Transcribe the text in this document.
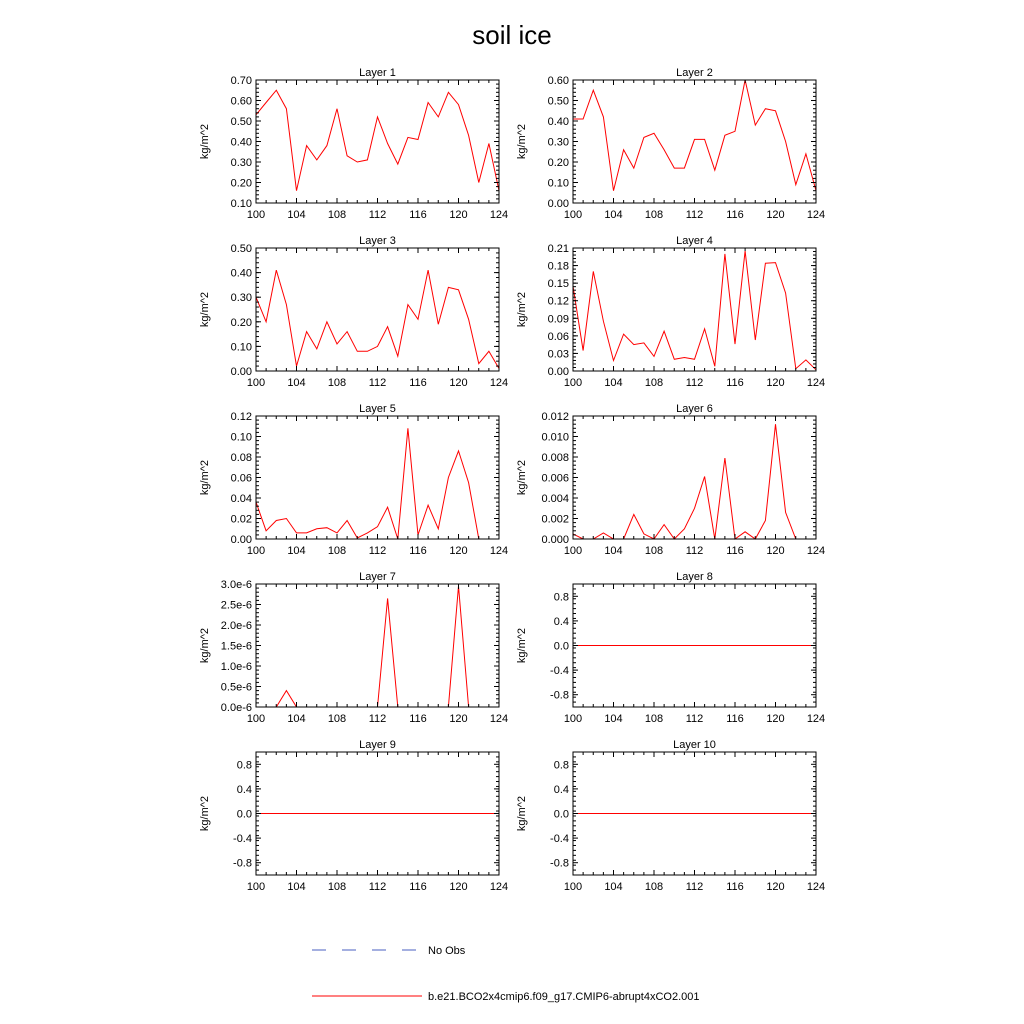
soil ice
Layer 1
kg/m^2
100 104 108 112 116 120 124
0.10
0.20
0.30
0.40
0.50
0.60
0.70
Layer 2
kg/m^2
100 104 108 112 116 120 124
0.00
0.10
0.20
0.30
0.40
0.50
0.60
Layer 3
kg/m^2
100 104 108 112 116 120 124
0.00
0.10
0.20
0.30
0.40
0.50
Layer 4
kg/m^2
100 104 108 112 116 120 124
0.00
0.03
0.06
0.09
0.12
0.15
0.18
0.21
Layer 5
kg/m^2
100 104 108 112 116 120 124
0.00
0.02
0.04
0.06
0.08
0.10
0.12
Layer 6
kg/m^2
100 104 108 112 116 120 124
0.000
0.002
0.004
0.006
0.008
0.010
0.012
Layer 7
kg/m^2
100 104 108 112 116 120 124
0.0e-6
0.5e-6
1.0e-6
1.5e-6
2.0e-6
2.5e-6
3.0e-6
Layer 8
kg/m^2
100 104 108 112 116 120 124
-0.8
-0.4
0.0
0.4
0.8
Layer 9
kg/m^2
100 104 108 112 116 120 124
-0.8
-0.4
0.0
0.4
0.8
Layer 10
kg/m^2
100 104 108 112 116 120 124
-0.8
-0.4
0.0
0.4
0.8
No Obs
b.e21.BCO2x4cmip6.f09_g17.CMIP6-abrupt4xCO2.001
